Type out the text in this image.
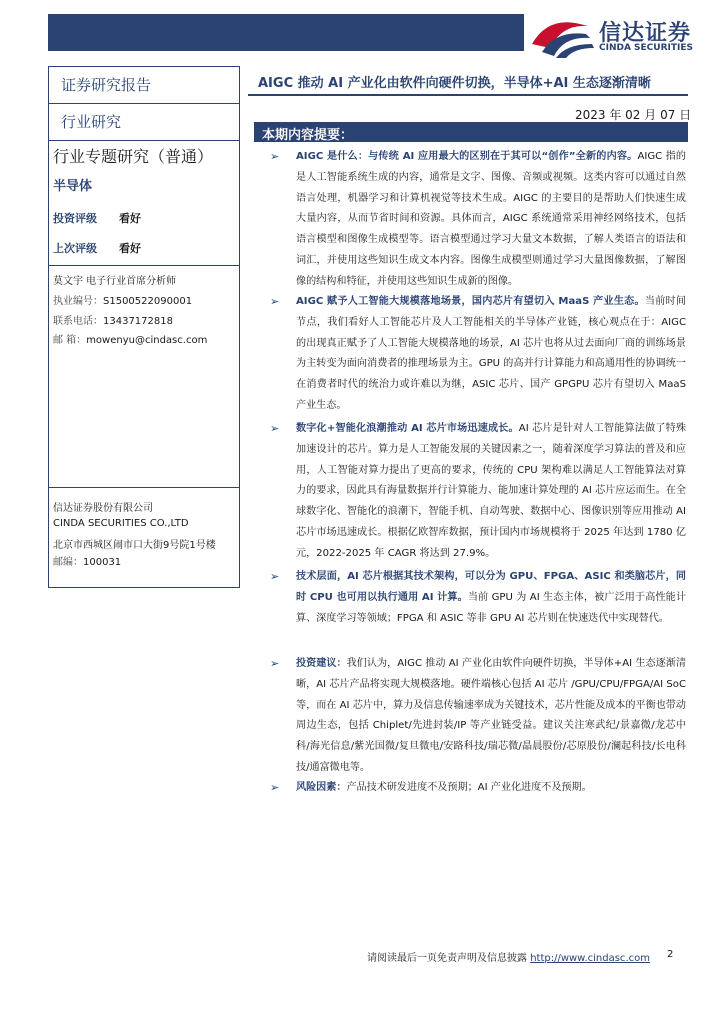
信达证券
CINDA SECURITIES
证券研究报告
行业研究
行业专题研究（普通）
半导体
投资评级 看好
上次评级 看好
莫文宇 电子行业首席分析师
执业编号：S1500522090001
联系电话：13437172818
邮 箱：mowenyu@cindasc.com
信达证券股份有限公司
CINDA SECURITIES CO.,LTD
北京市西城区闹市口大街9号院1号楼
邮编：100031
AIGC 推动 AI 产业化由软件向硬件切换，半导体+AI 生态逐渐清晰
2023 年 02 月 07 日
本期内容提要：
➢ AIGC 是什么：与传统 AI 应用最大的区别在于其可以“创作”全新的内容。AIGC 指的是人工智能系统生成的内容，通常是文字、图像、音频或视频。这类内容可以通过自然语言处理，机器学习和计算机视觉等技术生成。AIGC 的主要目的是帮助人们快速生成大量内容，从而节省时间和资源。具体而言，AIGC 系统通常采用神经网络技术，包括语言模型和图像生成模型等。语言模型通过学习大量文本数据，了解人类语言的语法和词汇，并使用这些知识生成文本内容。图像生成模型则通过学习大量图像数据，了解图像的结构和特征，并使用这些知识生成新的图像。
➢ AIGC 赋予人工智能大规模落地场景，国内芯片有望切入 MaaS 产业生态。当前时间节点，我们看好人工智能芯片及人工智能相关的半导体产业链，核心观点在于：AIGC 的出现真正赋予了人工智能大规模落地的场景，AI 芯片也将从过去面向厂商的训练场景为主转变为面向消费者的推理场景为主。GPU 的高并行计算能力和高通用性的协调统一在消费者时代的统治力或许难以为继，ASIC 芯片、国产 GPGPU 芯片有望切入 MaaS 产业生态。
➢ 数字化+智能化浪潮推动 AI 芯片市场迅速成长。AI 芯片是针对人工智能算法做了特殊加速设计的芯片。算力是人工智能发展的关键因素之一，随着深度学习算法的普及和应用，人工智能对算力提出了更高的要求，传统的 CPU 架构难以满足人工智能算法对算力的要求，因此具有海量数据并行计算能力、能加速计算处理的 AI 芯片应运而生。在全球数字化、智能化的浪潮下，智能手机、自动驾驶、数据中心、图像识别等应用推动 AI 芯片市场迅速成长。根据亿欧智库数据，预计国内市场规模将于 2025 年达到 1780 亿元，2022-2025 年 CAGR 将达到 27.9%。
➢ 技术层面，AI 芯片根据其技术架构，可以分为 GPU、FPGA、ASIC 和类脑芯片，同时 CPU 也可用以执行通用 AI 计算。当前 GPU 为 AI 生态主体，被广泛用于高性能计算、深度学习等领域；FPGA 和 ASIC 等非 GPU AI 芯片则在快速迭代中实现替代。
➢ 投资建议：我们认为，AIGC 推动 AI 产业化由软件向硬件切换，半导体+AI 生态逐渐清晰，AI 芯片产品将实现大规模落地。硬件端核心包括 AI 芯片 /GPU/CPU/FPGA/AI SoC 等，而在 AI 芯片中，算力及信息传输速率成为关键技术，芯片性能及成本的平衡也带动周边生态，包括 Chiplet/先进封装/IP 等产业链受益。建议关注寒武纪/景嘉微/龙芯中科/海光信息/紫光国微/复旦微电/安路科技/瑞芯微/晶晨股份/芯原股份/澜起科技/长电科技/通富微电等。
➢ 风险因素：产品技术研发进度不及预期；AI 产业化进度不及预期。
请阅读最后一页免责声明及信息披露 http://www.cindasc.com 2
